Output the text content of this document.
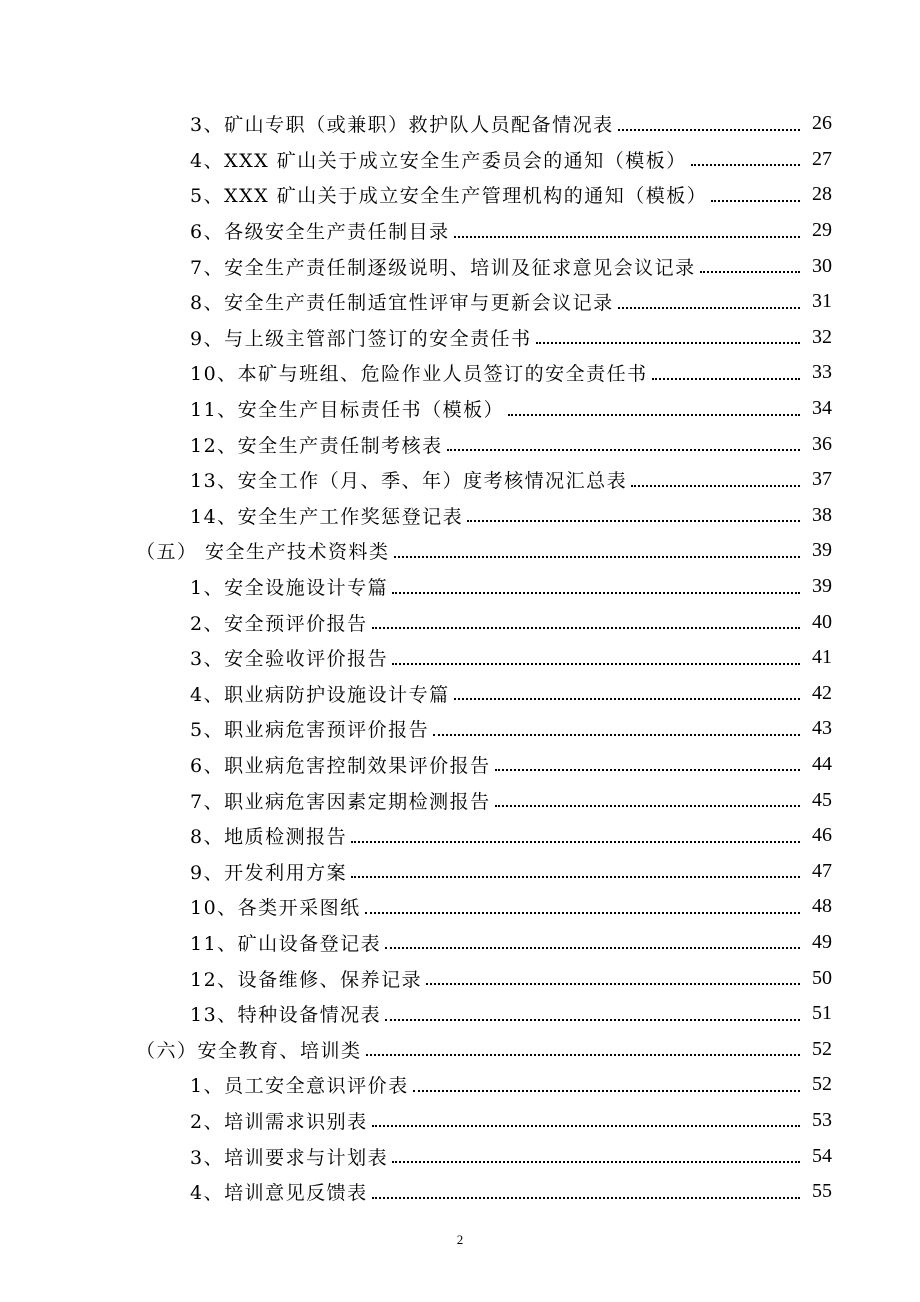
3、矿山专职（或兼职）救护队人员配备情况表	26
4、XXX 矿山关于成立安全生产委员会的通知（模板）	27
5、XXX 矿山关于成立安全生产管理机构的通知（模板）	28
6、各级安全生产责任制目录	29
7、安全生产责任制逐级说明、培训及征求意见会议记录	30
8、安全生产责任制适宜性评审与更新会议记录	31
9、与上级主管部门签订的安全责任书	32
10、本矿与班组、危险作业人员签订的安全责任书	33
11、安全生产目标责任书（模板）	34
12、安全生产责任制考核表	36
13、安全工作（月、季、年）度考核情况汇总表	37
14、安全生产工作奖惩登记表	38
（五） 安全生产技术资料类	39
1、安全设施设计专篇	39
2、安全预评价报告	40
3、安全验收评价报告	41
4、职业病防护设施设计专篇	42
5、职业病危害预评价报告	43
6、职业病危害控制效果评价报告	44
7、职业病危害因素定期检测报告	45
8、地质检测报告	46
9、开发利用方案	47
10、各类开采图纸	48
11、矿山设备登记表	49
12、设备维修、保养记录	50
13、特种设备情况表	51
（六）安全教育、培训类	52
1、员工安全意识评价表	52
2、培训需求识别表	53
3、培训要求与计划表	54
4、培训意见反馈表	55
2
